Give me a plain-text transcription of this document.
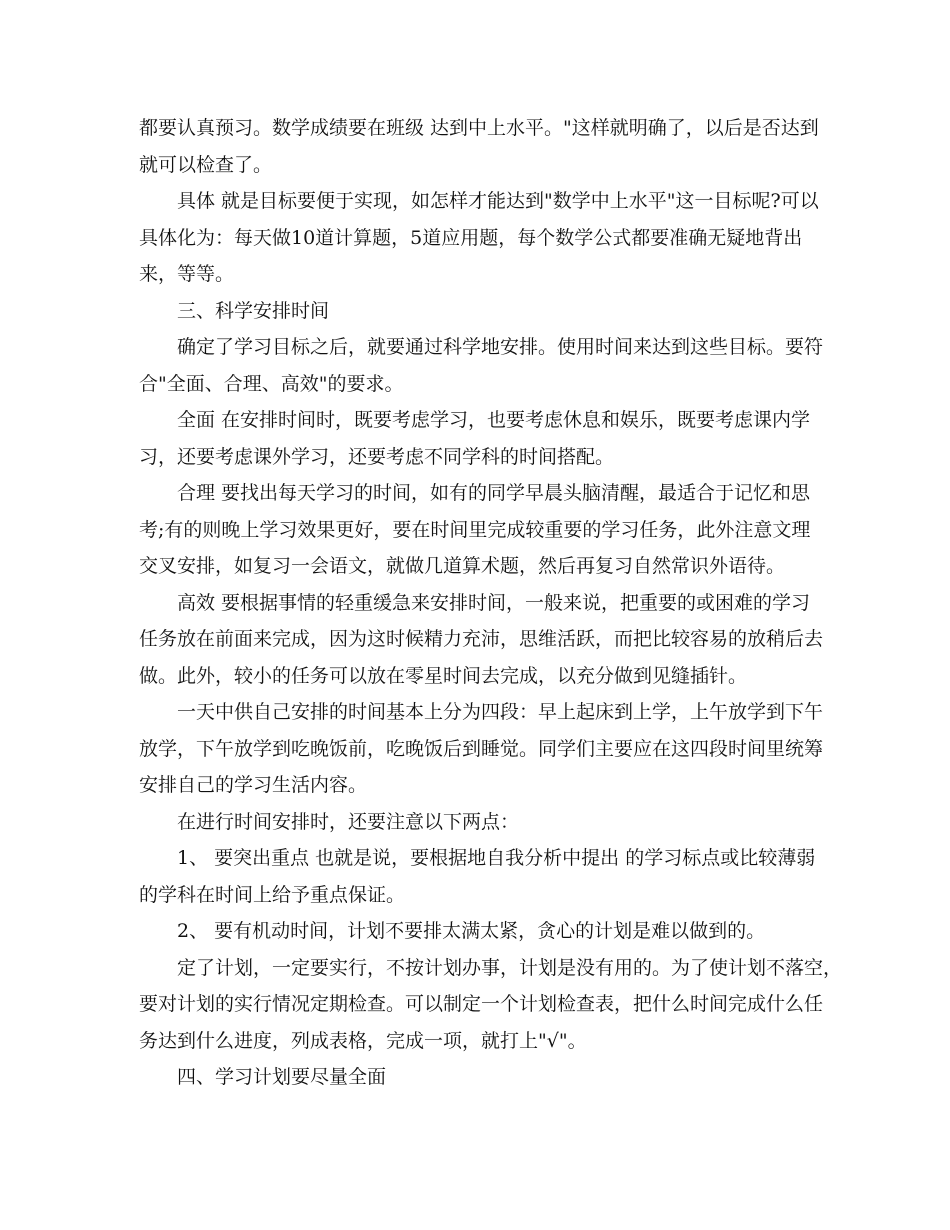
都要认真预习。数学成绩要在班级 达到中上水平。"这样就明确了，以后是否达到
就可以检查了。
具体 就是目标要便于实现，如怎样才能达到"数学中上水平"这一目标呢?可以
具体化为：每天做10道计算题，5道应用题，每个数学公式都要准确无疑地背出
来，等等。
三、科学安排时间
确定了学习目标之后，就要通过科学地安排。使用时间来达到这些目标。要符
合"全面、合理、高效"的要求。
全面 在安排时间时，既要考虑学习，也要考虑休息和娱乐，既要考虑课内学
习，还要考虑课外学习，还要考虑不同学科的时间搭配。
合理 要找出每天学习的时间，如有的同学早晨头脑清醒，最适合于记忆和思
考;有的则晚上学习效果更好，要在时间里完成较重要的学习任务，此外注意文理
交叉安排，如复习一会语文，就做几道算术题，然后再复习自然常识外语待。
高效 要根据事情的轻重缓急来安排时间，一般来说，把重要的或困难的学习
任务放在前面来完成，因为这时候精力充沛，思维活跃，而把比较容易的放稍后去
做。此外，较小的任务可以放在零星时间去完成，以充分做到见缝插针。
一天中供自己安排的时间基本上分为四段：早上起床到上学，上午放学到下午
放学，下午放学到吃晚饭前，吃晚饭后到睡觉。同学们主要应在这四段时间里统筹
安排自己的学习生活内容。
在进行时间安排时，还要注意以下两点：
1、 要突出重点 也就是说，要根据地自我分析中提出 的学习标点或比较薄弱
的学科在时间上给予重点保证。
2、 要有机动时间，计划不要排太满太紧，贪心的计划是难以做到的。
定了计划，一定要实行，不按计划办事，计划是没有用的。为了使计划不落空，
要对计划的实行情况定期检查。可以制定一个计划检查表，把什么时间完成什么任
务达到什么进度，列成表格，完成一项，就打上"√"。
四、学习计划要尽量全面
